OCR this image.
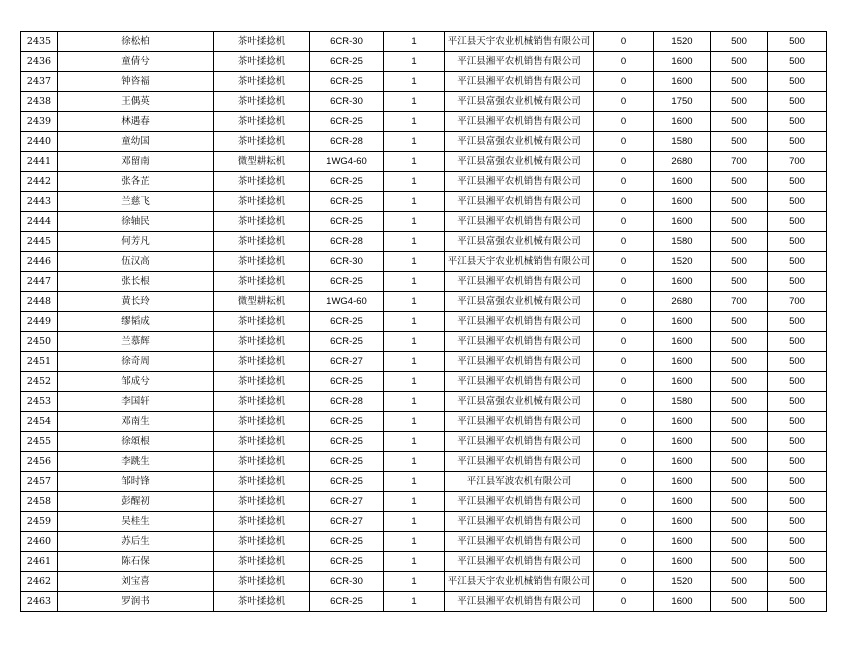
2435	徐松柏	茶叶揉捻机	6CR-30	1	平江县天宇农业机械销售有限公司	0	1520	500	500
2436	童倩兮	茶叶揉捻机	6CR-25	1	平江县湘平农机销售有限公司	0	1600	500	500
2437	钟咨福	茶叶揉捻机	6CR-25	1	平江县湘平农机销售有限公司	0	1600	500	500
2438	王偶英	茶叶揉捻机	6CR-30	1	平江县富强农业机械有限公司	0	1750	500	500
2439	林遇春	茶叶揉捻机	6CR-25	1	平江县湘平农机销售有限公司	0	1600	500	500
2440	童幼国	茶叶揉捻机	6CR-28	1	平江县富强农业机械有限公司	0	1580	500	500
2441	邓留南	微型耕耘机	1WG4-60	1	平江县富强农业机械有限公司	0	2680	700	700
2442	张各芷	茶叶揉捻机	6CR-25	1	平江县湘平农机销售有限公司	0	1600	500	500
2443	兰慈飞	茶叶揉捻机	6CR-25	1	平江县湘平农机销售有限公司	0	1600	500	500
2444	徐轴民	茶叶揉捻机	6CR-25	1	平江县湘平农机销售有限公司	0	1600	500	500
2445	何芳凡	茶叶揉捻机	6CR-28	1	平江县富强农业机械有限公司	0	1580	500	500
2446	伍汉高	茶叶揉捻机	6CR-30	1	平江县天宇农业机械销售有限公司	0	1520	500	500
2447	张长根	茶叶揉捻机	6CR-25	1	平江县湘平农机销售有限公司	0	1600	500	500
2448	黄长玲	微型耕耘机	1WG4-60	1	平江县富强农业机械有限公司	0	2680	700	700
2449	缪韬成	茶叶揉捻机	6CR-25	1	平江县湘平农机销售有限公司	0	1600	500	500
2450	兰慕辉	茶叶揉捻机	6CR-25	1	平江县湘平农机销售有限公司	0	1600	500	500
2451	徐奇周	茶叶揉捻机	6CR-27	1	平江县湘平农机销售有限公司	0	1600	500	500
2452	邹成兮	茶叶揉捻机	6CR-25	1	平江县湘平农机销售有限公司	0	1600	500	500
2453	李国轩	茶叶揉捻机	6CR-28	1	平江县富强农业机械有限公司	0	1580	500	500
2454	邓南生	茶叶揉捻机	6CR-25	1	平江县湘平农机销售有限公司	0	1600	500	500
2455	徐頌根	茶叶揉捻机	6CR-25	1	平江县湘平农机销售有限公司	0	1600	500	500
2456	李跳生	茶叶揉捻机	6CR-25	1	平江县湘平农机销售有限公司	0	1600	500	500
2457	邹时锋	茶叶揉捻机	6CR-25	1	平江县军波农机有限公司	0	1600	500	500
2458	彭醒初	茶叶揉捻机	6CR-27	1	平江县湘平农机销售有限公司	0	1600	500	500
2459	吴桂生	茶叶揉捻机	6CR-27	1	平江县湘平农机销售有限公司	0	1600	500	500
2460	苏后生	茶叶揉捻机	6CR-25	1	平江县湘平农机销售有限公司	0	1600	500	500
2461	陈石保	茶叶揉捻机	6CR-25	1	平江县湘平农机销售有限公司	0	1600	500	500
2462	刘宝喜	茶叶揉捻机	6CR-30	1	平江县天宇农业机械销售有限公司	0	1520	500	500
2463	罗润书	茶叶揉捻机	6CR-25	1	平江县湘平农机销售有限公司	0	1600	500	500
